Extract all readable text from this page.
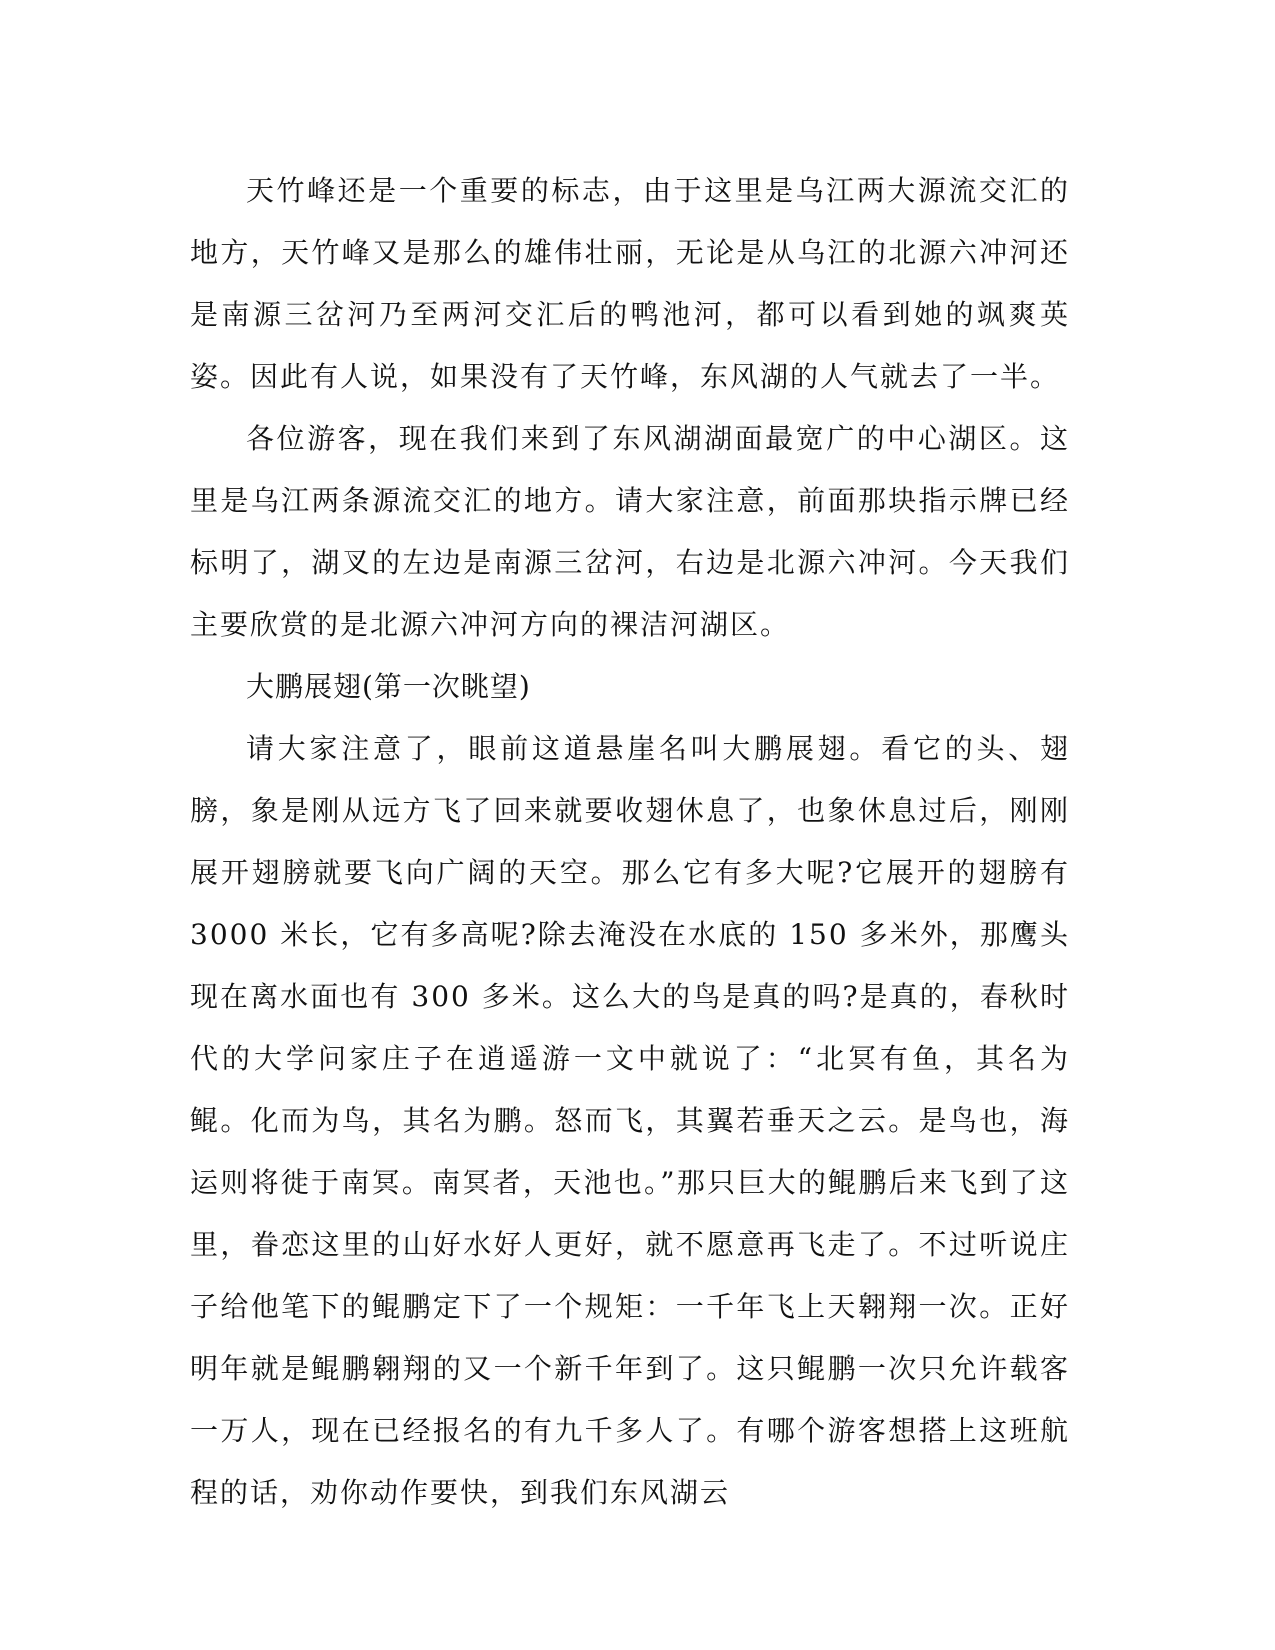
天竹峰还是一个重要的标志，由于这里是乌江两大源流交汇的地方，天竹峰又是那么的雄伟壮丽，无论是从乌江的北源六冲河还是南源三岔河乃至两河交汇后的鸭池河，都可以看到她的飒爽英姿。因此有人说，如果没有了天竹峰，东风湖的人气就去了一半。

各位游客，现在我们来到了东风湖湖面最宽广的中心湖区。这里是乌江两条源流交汇的地方。请大家注意，前面那块指示牌已经标明了，湖叉的左边是南源三岔河，右边是北源六冲河。今天我们主要欣赏的是北源六冲河方向的裸洁河湖区。

大鹏展翅(第一次眺望)

请大家注意了，眼前这道悬崖名叫大鹏展翅。看它的头、翅膀，象是刚从远方飞了回来就要收翅休息了，也象休息过后，刚刚展开翅膀就要飞向广阔的天空。那么它有多大呢?它展开的翅膀有 3000 米长，它有多高呢?除去淹没在水底的 150 多米外，那鹰头现在离水面也有 300 多米。这么大的鸟是真的吗?是真的，春秋时代的大学问家庄子在逍遥游一文中就说了：“北冥有鱼，其名为鲲。化而为鸟，其名为鹏。怒而飞，其翼若垂天之云。是鸟也，海运则将徙于南冥。南冥者，天池也。”那只巨大的鲲鹏后来飞到了这里，眷恋这里的山好水好人更好，就不愿意再飞走了。不过听说庄子给他笔下的鲲鹏定下了一个规矩：一千年飞上天翱翔一次。正好明年就是鲲鹏翱翔的又一个新千年到了。这只鲲鹏一次只允许载客一万人，现在已经报名的有九千多人了。有哪个游客想搭上这班航程的话，劝你动作要快，到我们东风湖云
